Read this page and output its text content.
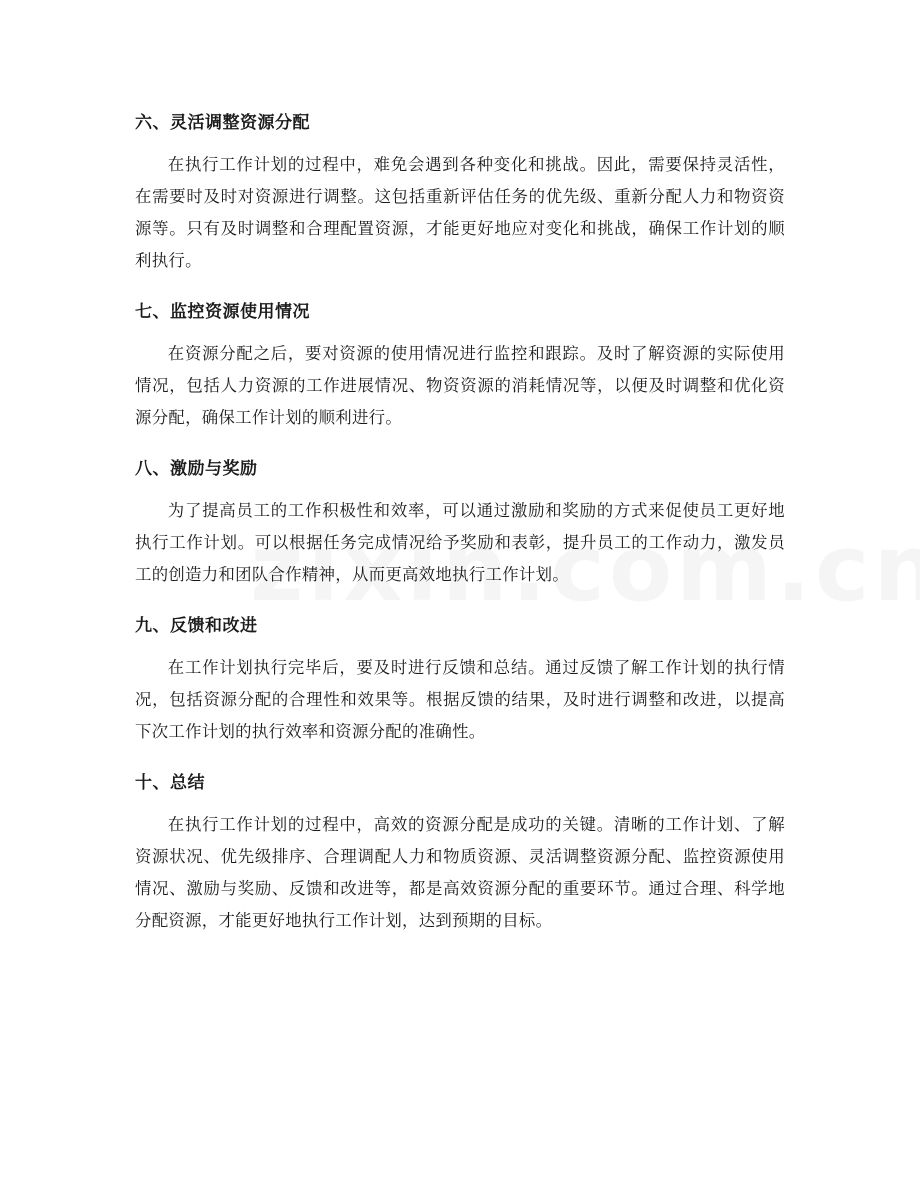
六、灵活调整资源分配

在执行工作计划的过程中，难免会遇到各种变化和挑战。因此，需要保持灵活性，在需要时及时对资源进行调整。这包括重新评估任务的优先级、重新分配人力和物资资源等。只有及时调整和合理配置资源，才能更好地应对变化和挑战，确保工作计划的顺利执行。

七、监控资源使用情况

在资源分配之后，要对资源的使用情况进行监控和跟踪。及时了解资源的实际使用情况，包括人力资源的工作进展情况、物资资源的消耗情况等，以便及时调整和优化资源分配，确保工作计划的顺利进行。

八、激励与奖励

为了提高员工的工作积极性和效率，可以通过激励和奖励的方式来促使员工更好地执行工作计划。可以根据任务完成情况给予奖励和表彰，提升员工的工作动力，激发员工的创造力和团队合作精神，从而更高效地执行工作计划。

九、反馈和改进

在工作计划执行完毕后，要及时进行反馈和总结。通过反馈了解工作计划的执行情况，包括资源分配的合理性和效果等。根据反馈的结果，及时进行调整和改进，以提高下次工作计划的执行效率和资源分配的准确性。

十、总结

在执行工作计划的过程中，高效的资源分配是成功的关键。清晰的工作计划、了解资源状况、优先级排序、合理调配人力和物质资源、灵活调整资源分配、监控资源使用情况、激励与奖励、反馈和改进等，都是高效资源分配的重要环节。通过合理、科学地分配资源，才能更好地执行工作计划，达到预期的目标。
